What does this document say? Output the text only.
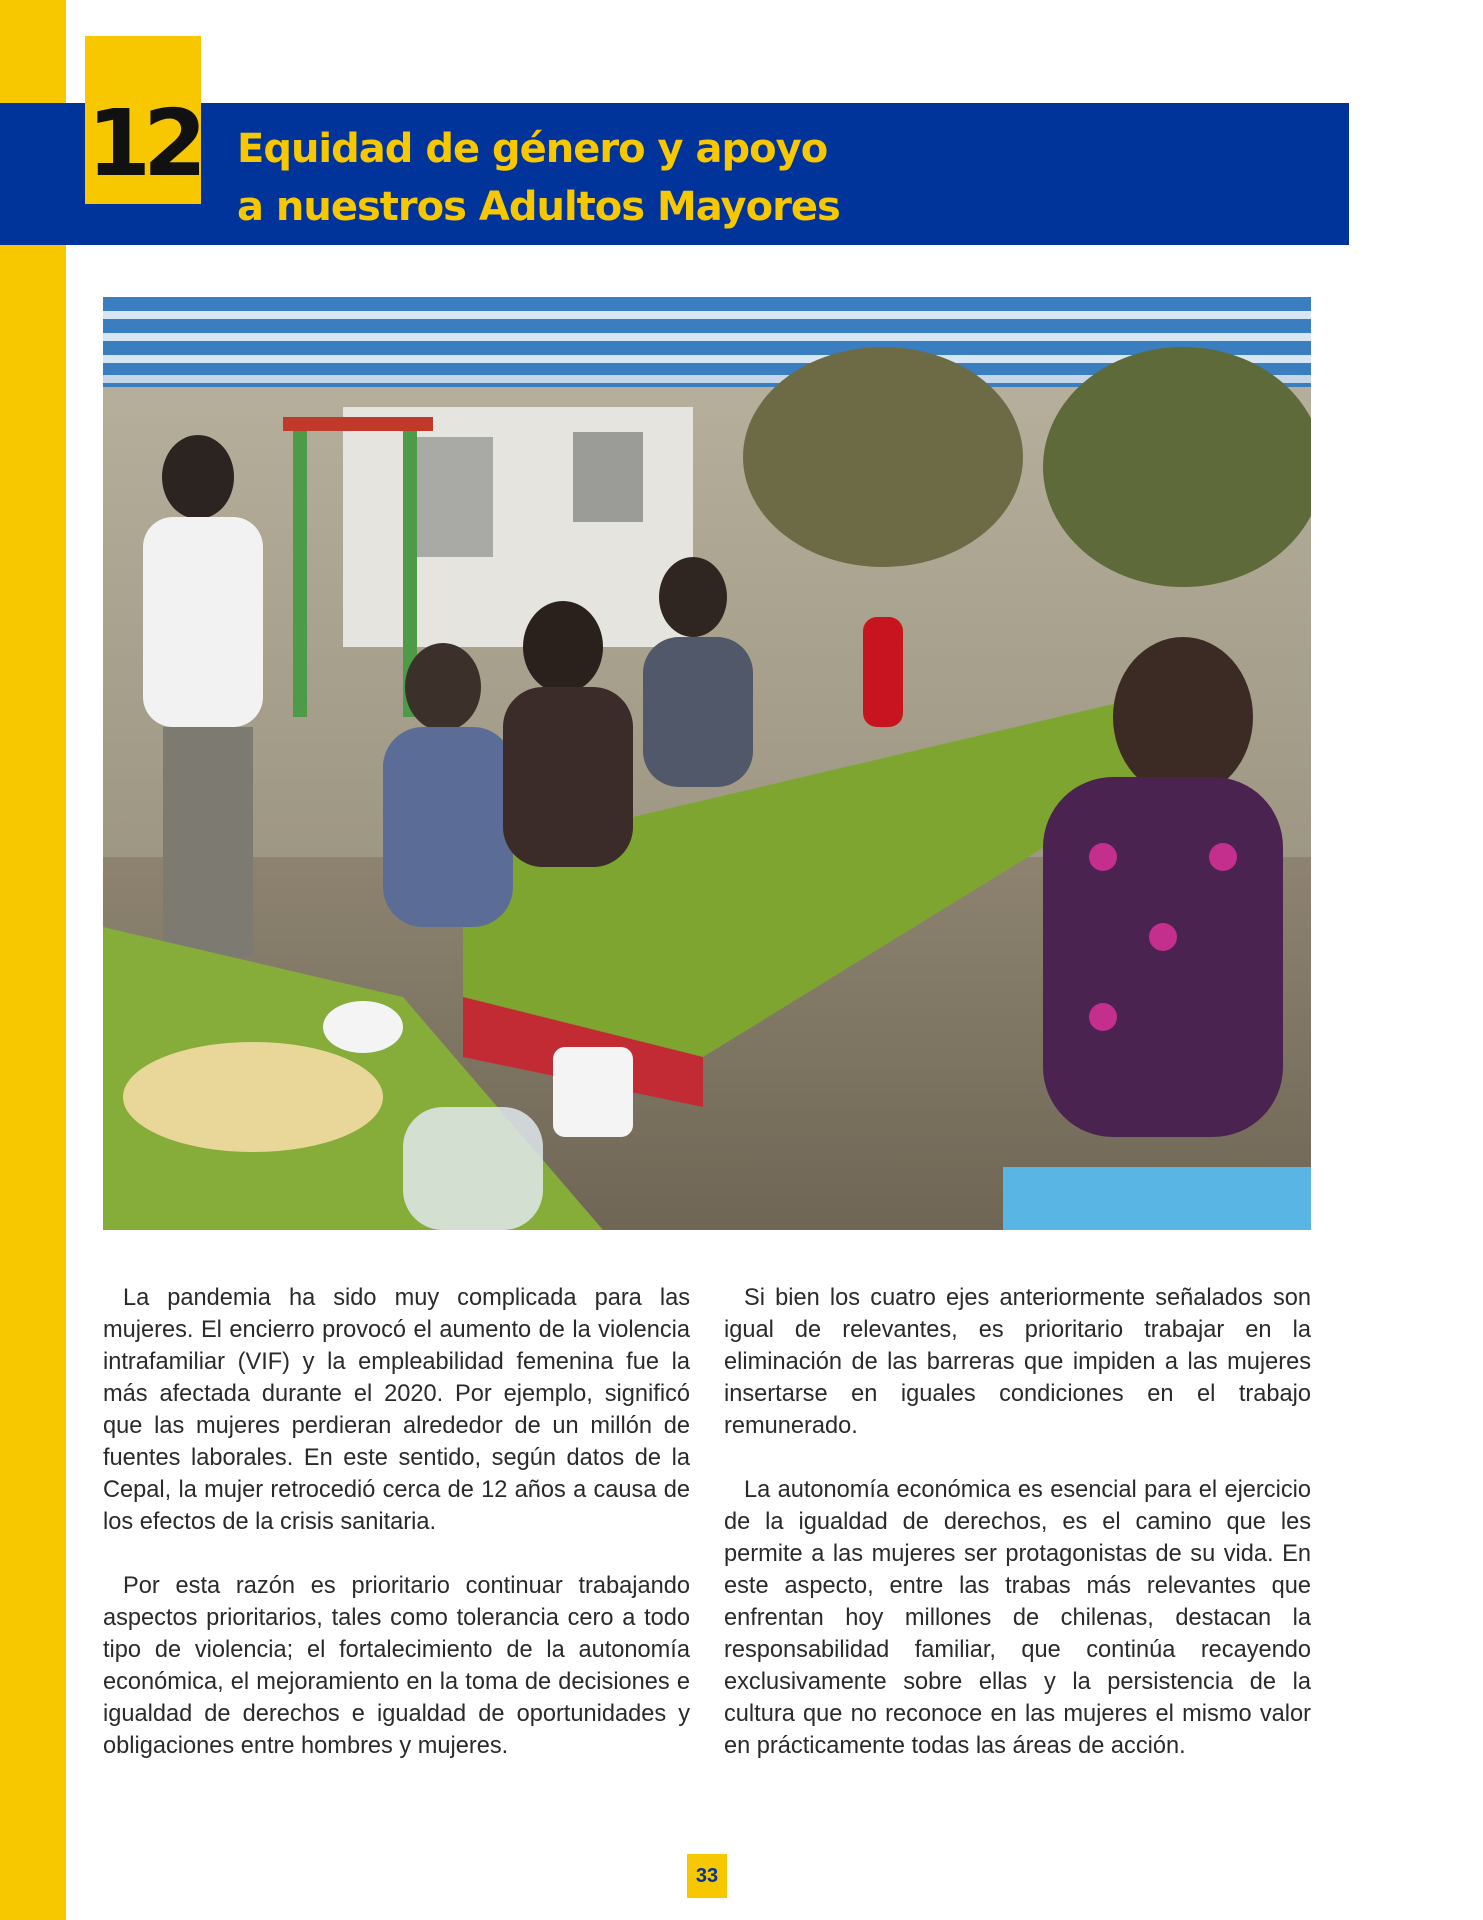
12 Equidad de género y apoyo
a nuestros Adultos Mayores

La pandemia ha sido muy complicada para las mujeres. El encierro provocó el aumento de la violencia intrafamiliar (VIF) y la empleabilidad femenina fue la más afectada durante el 2020. Por ejemplo, significó que las mujeres perdieran alrededor de un millón de fuentes laborales. En este sentido, según datos de la Cepal, la mujer retrocedió cerca de 12 años a causa de los efectos de la crisis sanitaria.

Por esta razón es prioritario continuar trabajando aspectos prioritarios, tales como tolerancia cero a todo tipo de violencia; el fortalecimiento de la autonomía económica, el mejoramiento en la toma de decisiones e igualdad de derechos e igualdad de oportunidades y obligaciones entre hombres y mujeres.

Si bien los cuatro ejes anteriormente señalados son igual de relevantes, es prioritario trabajar en la eliminación de las barreras que impiden a las mujeres insertarse en iguales condiciones en el trabajo remunerado.

La autonomía económica es esencial para el ejercicio de la igualdad de derechos, es el camino que les permite a las mujeres ser protagonistas de su vida. En este aspecto, entre las trabas más relevantes que enfrentan hoy millones de chilenas, destacan la responsabilidad familiar, que continúa recayendo exclusivamente sobre ellas y la persistencia de la cultura que no reconoce en las mujeres el mismo valor en prácticamente todas las áreas de acción.

33
